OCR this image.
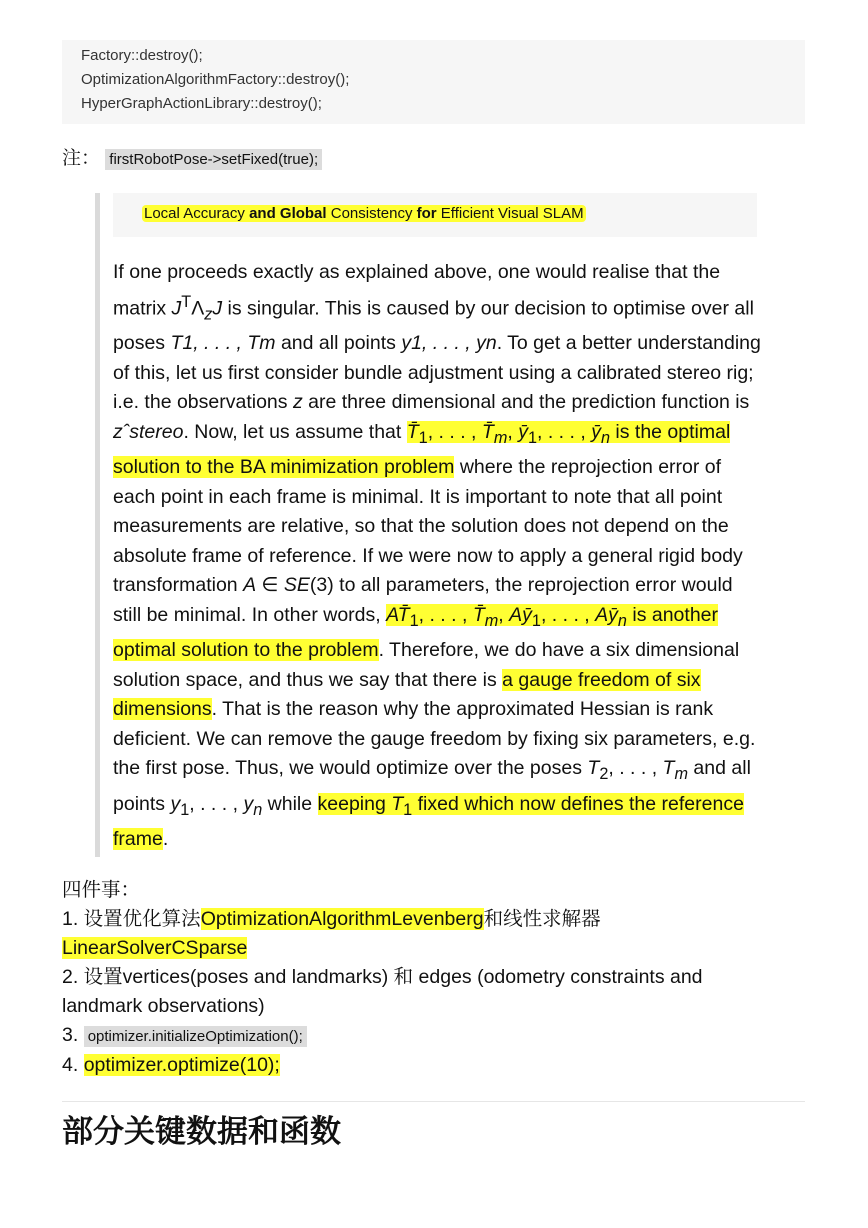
Factory::destroy();
OptimizationAlgorithmFactory::destroy();
HyperGraphActionLibrary::destroy();
注： firstRobotPose->setFixed(true);
Local Accuracy and Global Consistency for Efficient Visual SLAM

If one proceeds exactly as explained above, one would realise that the matrix $J^T\Lambda_zJ$ is singular. This is caused by our decision to optimise over all poses T1, . . . , Tm and all points y1, . . . , yn. To get a better understanding of this, let us first consider bundle adjustment using a calibrated stereo rig; i.e. the observations z are three dimensional and the prediction function is zˆstereo. Now, let us assume that $T̄_1$, . . . , $T̄_m$, $ȳ_1$, . . . , $ȳ_n$ is the optimal solution to the BA minimization problem where the reprojection error of each point in each frame is minimal. It is important to note that all point measurements are relative, so that the solution does not depend on the absolute frame of reference. If we were now to apply a general rigid body transformation A ∈ SE(3) to all parameters, the reprojection error would still be minimal. In other words, $AT̄_1$, . . . , $T̄_m$, $Aȳ_1$, . . . , $Aȳ_n$ is another optimal solution to the problem. Therefore, we do have a six dimensional solution space, and thus we say that there is a gauge freedom of six dimensions. That is the reason why the approximated Hessian is rank deficient. We can remove the gauge freedom by fixing six parameters, e.g. the first pose. Thus, we would optimize over the poses $T_2$, . . . , $T_m$ and all points $y_1$, . . . , $y_n$ while keeping $T_1$ fixed which now defines the reference frame.

四件事：
1. 设置优化算法OptimizationAlgorithmLevenberg和线性求解器LinearSolverCSparse
2. 设置vertices(poses and landmarks) 和 edges (odometry constraints and landmark observations)
3. optimizer.initializeOptimization();
4. optimizer.optimize(10);
部分关键数据和函数
